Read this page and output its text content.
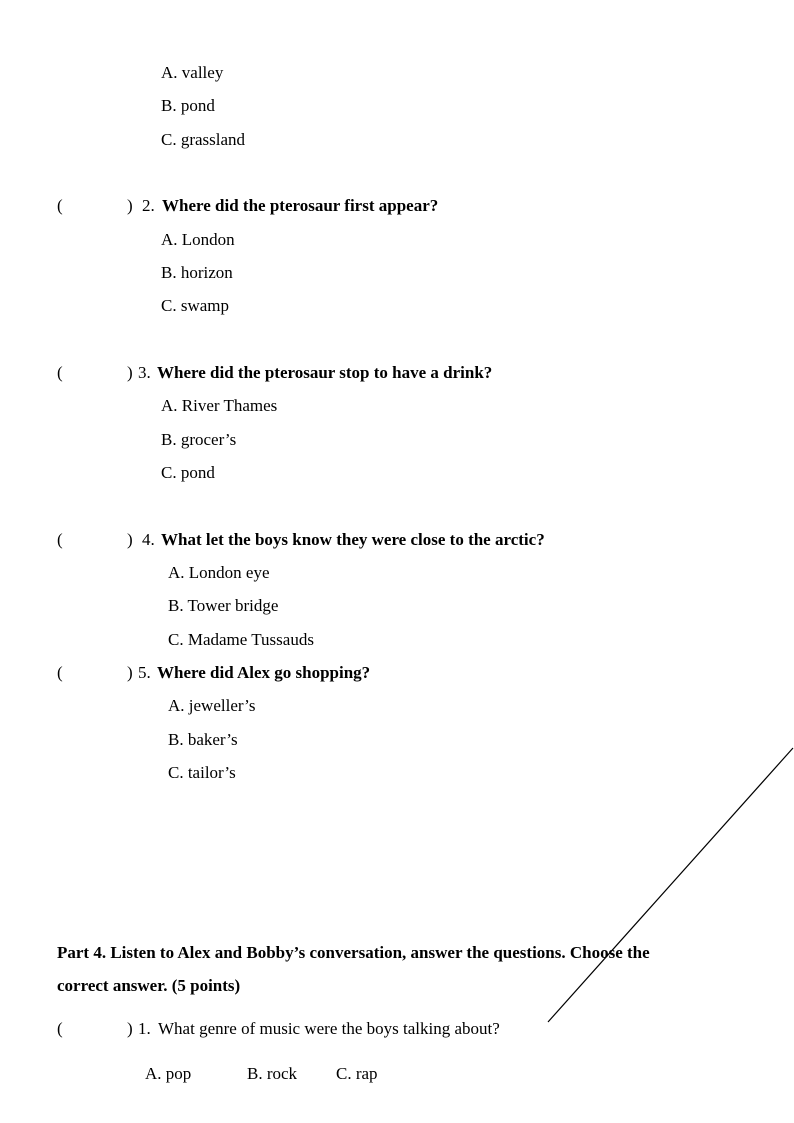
A. valley
B. pond
C. grassland
(	) 2. Where did the pterosaur first appear?
A. London
B. horizon
C. swamp
(	) 3. Where did the pterosaur stop to have a drink?
A. River Thames
B. grocer’s
C. pond
(	) 4. What let the boys know they were close to the arctic?
A. London eye
B. Tower bridge
C. Madame Tussauds
(	) 5. Where did Alex go shopping?
A. jeweller’s
B. baker’s
C. tailor’s
Part 4. Listen to Alex and Bobby’s conversation, answer the questions. Choose the
correct answer. (5 points)
(	) 1. What genre of music were the boys talking about?
A. pop	B. rock C. rap
